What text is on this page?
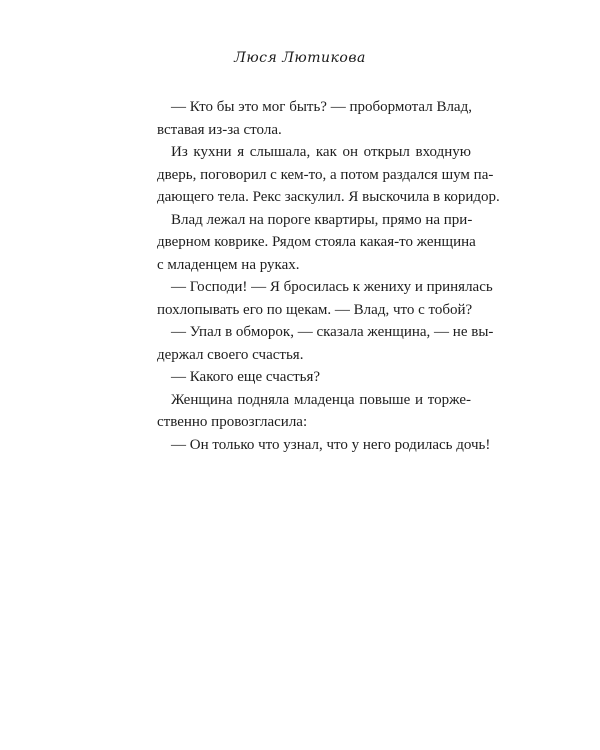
Люся Лютикова
— Кто бы это мог быть? — пробормотал Влад,
вставая из-за стола.
Из кухни я слышала, как он открыл входную
дверь, поговорил с кем-то, а потом раздался шум па-
дающего тела. Рекс заскулил. Я выскочила в коридор.
Влад лежал на пороге квартиры, прямо на при-
дверном коврике. Рядом стояла какая-то женщина
с младенцем на руках.
— Господи! — Я бросилась к жениху и принялась
похлопывать его по щекам. — Влад, что с тобой?
— Упал в обморок, — сказала женщина, — не вы-
держал своего счастья.
— Какого еще счастья?
Женщина подняла младенца повыше и торже-
ственно провозгласила:
— Он только что узнал, что у него родилась дочь!
